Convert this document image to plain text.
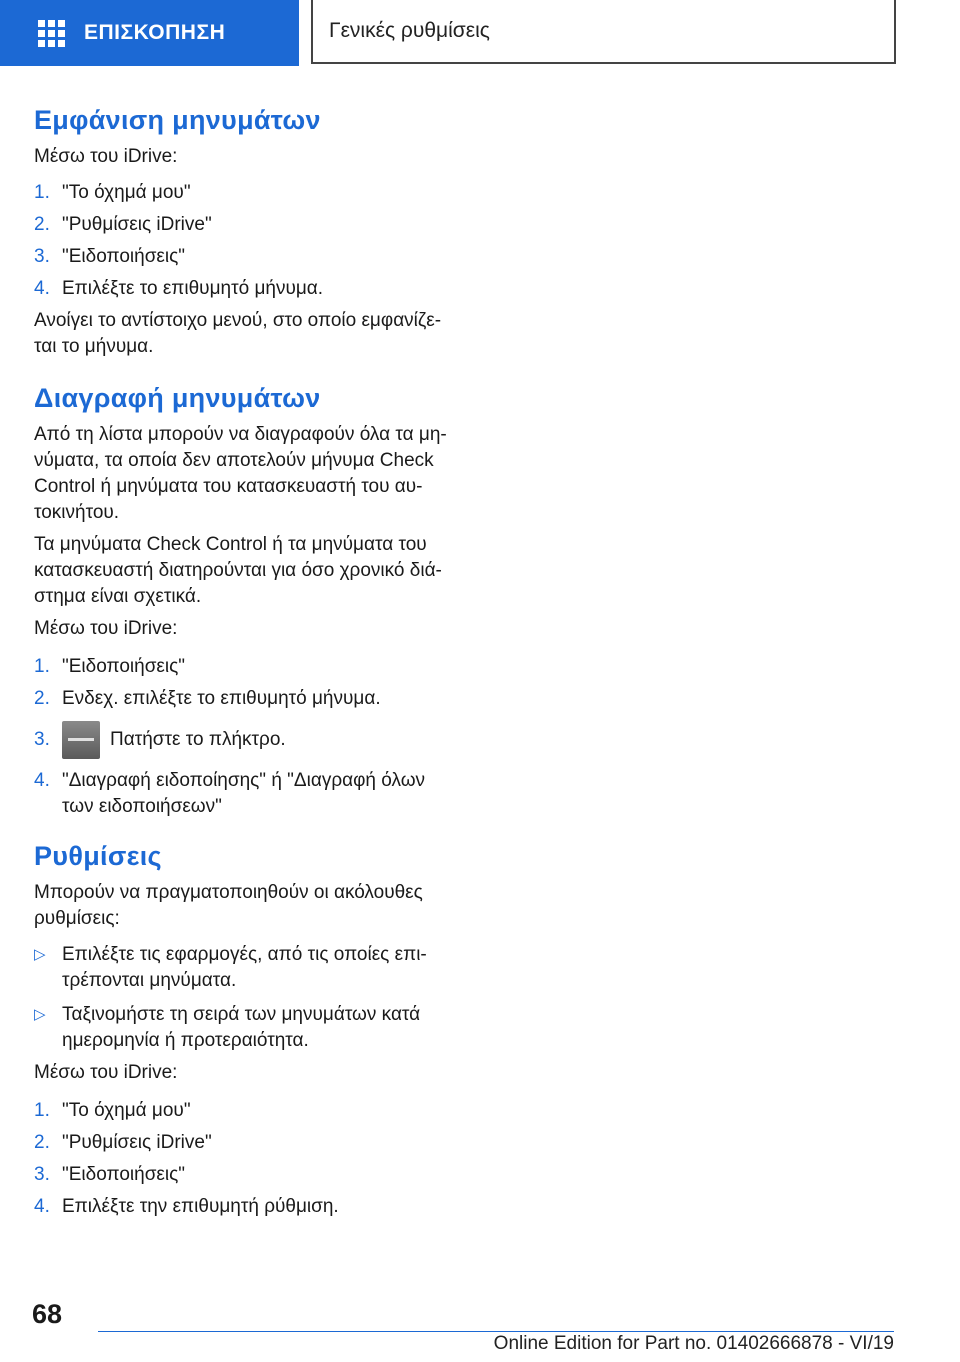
ΕΠΙΣΚΟΠΗΣΗ	Γενικές ρυθμίσεις
Εμφάνιση μηνυμάτων

Μέσω του iDrive:

1. "Το όχημά μου"
2. "Ρυθμίσεις iDrive"
3. "Ειδοποιήσεις"
4. Επιλέξτε το επιθυμητό μήνυμα.

Ανοίγει το αντίστοιχο μενού, στο οποίο εμφανίζε-

ται το μήνυμα.

Διαγραφή μηνυμάτων

Από τη λίστα μπορούν να διαγραφούν όλα τα μη-

νύματα, τα οποία δεν αποτελούν μήνυμα Check

Control ή μηνύματα του κατασκευαστή του αυ-

τοκινήτου.

Τα μηνύματα Check Control ή τα μηνύματα του

κατασκευαστή διατηρούνται για όσο χρονικό διά-

στημα είναι σχετικά.

Μέσω του iDrive:

1. "Ειδοποιήσεις"
2. Ενδεχ. επιλέξτε το επιθυμητό μήνυμα.
3.	Πατήστε το πλήκτρο.
4. "Διαγραφή ειδοποίησης" ή "Διαγραφή όλων
των ειδοποιήσεων"
Ρυθμίσεις

Μπορούν να πραγματοποιηθούν οι ακόλουθες

ρυθμίσεις:

▷ Επιλέξτε τις εφαρμογές, από τις οποίες επι-
τρέπονται μηνύματα.
▷ Ταξινομήστε τη σειρά των μηνυμάτων κατά
ημερομηνία ή προτεραιότητα.

Μέσω του iDrive:

1. "Το όχημά μου"
2. "Ρυθμίσεις iDrive"
3. "Ειδοποιήσεις"
4. Επιλέξτε την επιθυμητή ρύθμιση.
68
Online Edition for Part no. 01402666878 - VI/19
